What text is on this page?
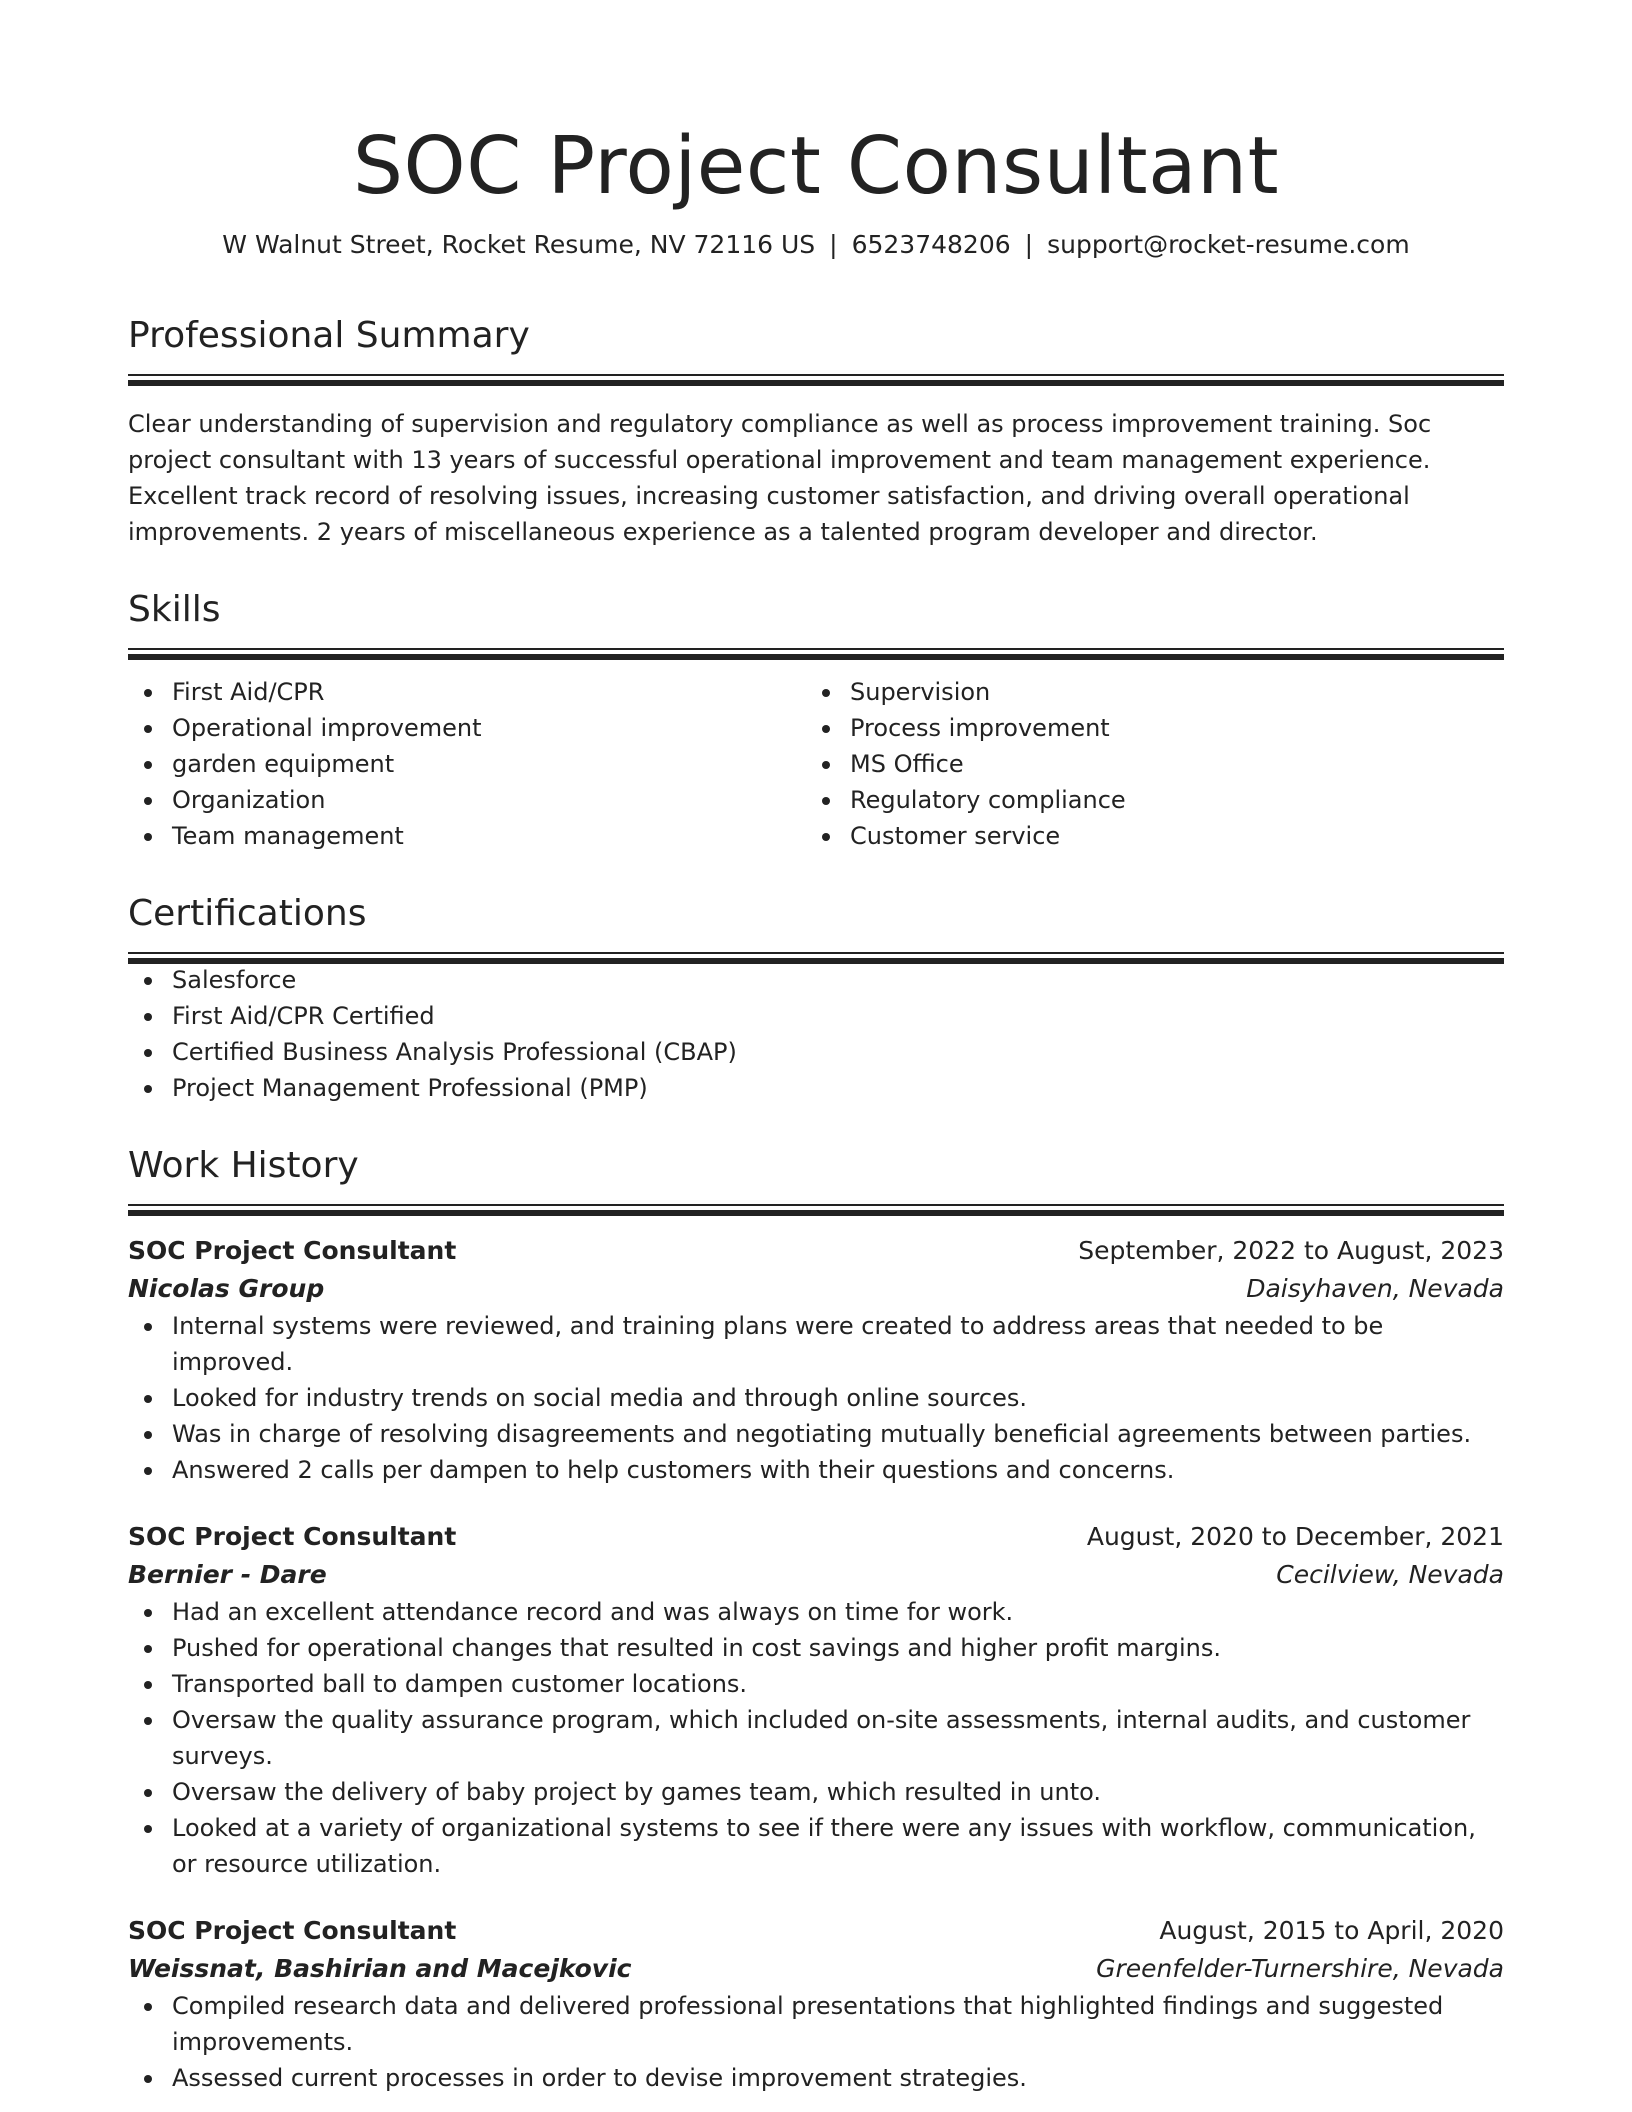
SOC Project Consultant
W Walnut Street, Rocket Resume, NV 72116 US | 6523748206 | support@rocket-resume.com
Professional Summary
Clear understanding of supervision and regulatory compliance as well as process improvement training. Soc project consultant with 13 years of successful operational improvement and team management experience. Excellent track record of resolving issues, increasing customer satisfaction, and driving overall operational improvements. 2 years of miscellaneous experience as a talented program developer and director.
Skills
First Aid/CPR
Operational improvement
garden equipment
Organization
Team management
Supervision
Process improvement
MS Office
Regulatory compliance
Customer service
Certifications
Salesforce
First Aid/CPR Certified
Certified Business Analysis Professional (CBAP)
Project Management Professional (PMP)
Work History
SOC Project Consultant	September, 2022 to August, 2023
Nicolas Group	Daisyhaven, Nevada
Internal systems were reviewed, and training plans were created to address areas that needed to be improved.
Looked for industry trends on social media and through online sources.
Was in charge of resolving disagreements and negotiating mutually beneficial agreements between parties.
Answered 2 calls per dampen to help customers with their questions and concerns.
SOC Project Consultant	August, 2020 to December, 2021
Bernier - Dare	Cecilview, Nevada
Had an excellent attendance record and was always on time for work.
Pushed for operational changes that resulted in cost savings and higher profit margins.
Transported ball to dampen customer locations.
Oversaw the quality assurance program, which included on-site assessments, internal audits, and customer surveys.
Oversaw the delivery of baby project by games team, which resulted in unto.
Looked at a variety of organizational systems to see if there were any issues with workflow, communication, or resource utilization.
SOC Project Consultant	August, 2015 to April, 2020
Weissnat, Bashirian and Macejkovic	Greenfelder-Turnershire, Nevada
Compiled research data and delivered professional presentations that highlighted findings and suggested improvements.
Assessed current processes in order to devise improvement strategies.
